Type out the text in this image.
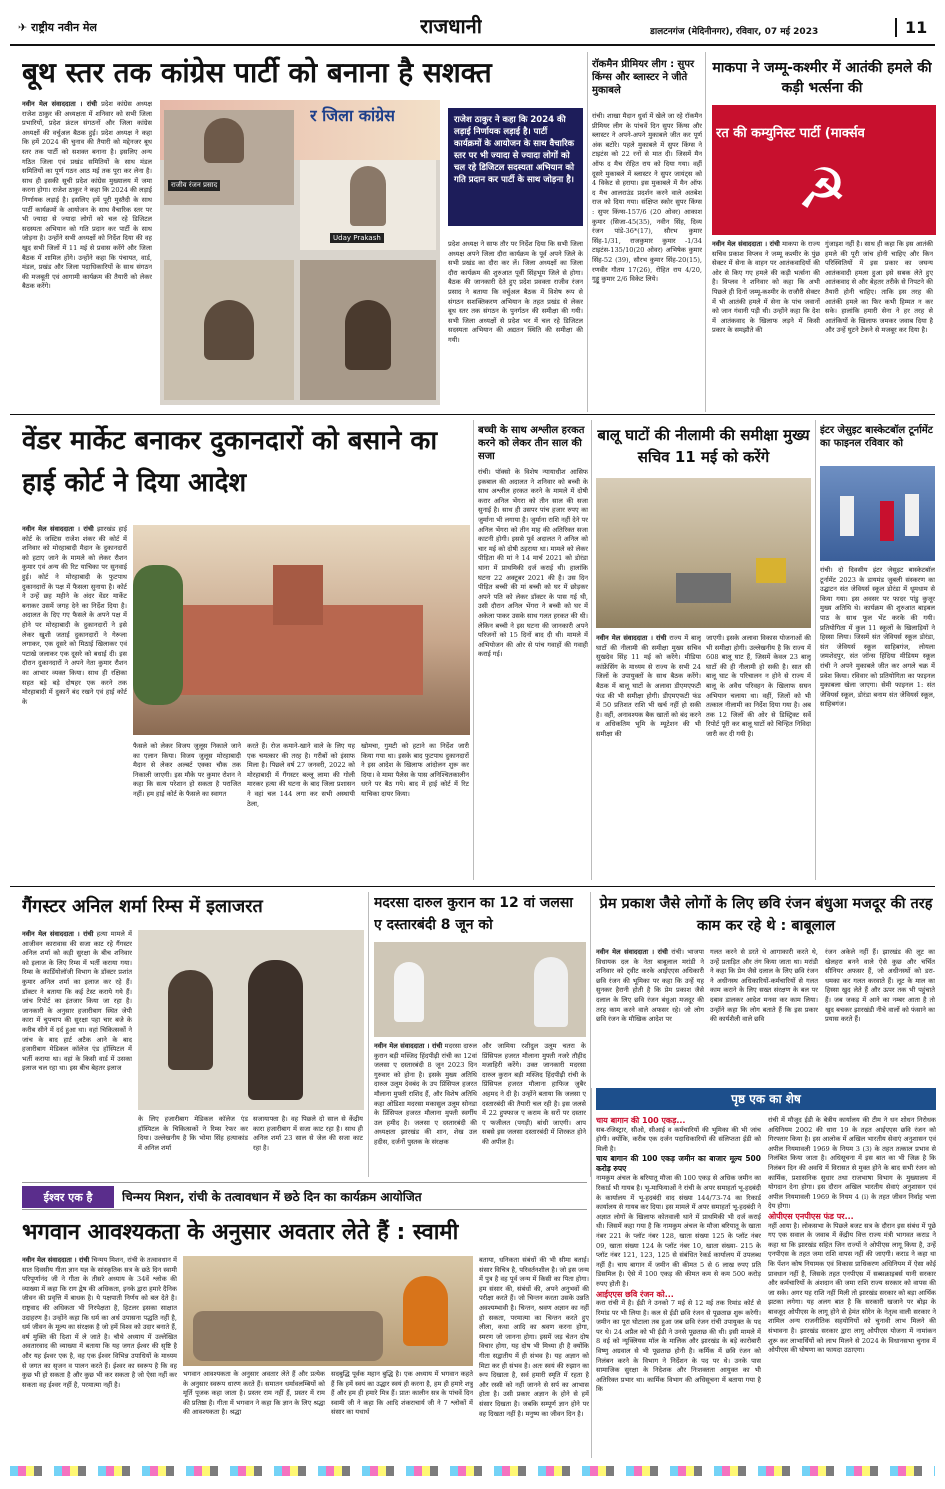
✈ राष्ट्रीय नवीन मेल	राजधानी	डालटनगंज (मेदिनीनगर), रविवार, 07 मई 2023	11
बूथ स्तर तक कांग्रेस पार्टी को बनाना है सशक्त
नवीन मेल संवाददाता । रांची प्रदेश कांग्रेस अध्यक्ष राजेश ठाकुर की अध्यक्षता में शनिवार को सभी जिला प्रभारियों, प्रदेश फ्रंटल संगठनों और जिला कांग्रेस अध्यक्षों की वर्चुअल बैठक हुई। प्रदेश अध्यक्ष ने कहा कि हमें 2024 की चुनाव की तैयारी को मद्देनजर बूथ स्तर तक पार्टी को सशक्त बनाना है। इसलिए अन्य गठित जिला एवं प्रखंड समितियों के साथ मंडल समितियों का पूर्ण गठन आठ मई तक पूरा कर लेना है। साथ ही इसकी सूची प्रदेश कांग्रेस मुख्यालय में जमा करना होगा। राजेश ठाकुर ने कहा कि 2024 की लड़ाई निर्णायक लड़ाई है। इसलिए हमें पूरी मुस्तैदी के साथ पार्टी कार्यक्रमों के आयोजन के साथ वैचारिक स्तर पर भी ज्यादा से ज्यादा लोगों को चल रहे डिजिटल सदस्यता अभियान को गति प्रदान कर पार्टी के साथ जोड़ना है। उन्होंने सभी अध्यक्षों को निर्देश दिया की वह खुद सभी जिलों में 11 मई से प्रवास करेंगे और जिला बैठक में शामिल होंगे। उन्होंने कहा कि पंचायत, वार्ड, मंडल, प्रखंड और जिला पदाधिकारियों के साथ संगठन की मजबूती एवं आगामी कार्यक्रम की तैयारी को लेकर बैठक करेंगे।
र जिला कांग्रेस
राजीव रंजन प्रसाद
Uday Prakash
राजेश ठाकुर ने कहा कि 2024 की लड़ाई निर्णायक लड़ाई है। पार्टी कार्यक्रमों के आयोजन के साथ वैचारिक स्तर पर भी ज्यादा से ज्यादा लोगों को चल रहे डिजिटल सदस्यता अभियान को गति प्रदान कर पार्टी के साथ जोड़ना है।
प्रदेश अध्यक्ष ने साफ तौर पर निर्देश दिया कि सभी जिला अध्यक्ष अपने जिला दौरा कार्यक्रम के पूर्व अपने जिले के सभी प्रखंड का दौरा कर लें। जिला अध्यक्षों का जिला दौरा कार्यक्रम की शुरुआत पूर्वी सिंहभूम जिले से होगा। बैठक की जानकारी देते हुए प्रदेश प्रवक्ता राजीव रंजन प्रसाद ने बताया कि वर्चुअल बैठक में विशेष रूप से संगठन सशक्तिकरण अभियान के तहत प्रखंड से लेकर बूथ स्तर तक संगठन के पुनर्गठन की समीक्षा की गयी। सभी जिला अध्यक्षों से प्रदेश भर में चल रहे डिजिटल सदस्यता अभियान की अद्यतन स्थिति की समीक्षा की गयी।
रॉकमैन प्रीमियर लीग : सुपर किंग्स और ब्लास्टर ने जीते मुकाबले
रांची। शाखा मैदान धुर्वा में खेले जा रहे रॉकमैन प्रीमियर लीग के पांचवें दिन सुपर किंग्स और ब्लास्टर ने अपने-अपने मुकाबले जीत कर पूर्ण अंक बटोरे। पहले मुकाबले में सुपर किंग्स ने टाइटंस को 22 रनों से मात दी। जिसमें मैन ऑफ द मैच रोहित राय को दिया गया। वहीं दूसरे मुकाबले में ब्लास्टर ने सुपर जायंट्स को 4 विकेट से हराया। इस मुकाबले में मैन ऑफ द मैच आलराउंड प्रदर्शन करने वाले अतबेश राज को दिया गया। संक्षिप्त स्कोर सुपर किंग्स : सुपर किंग्स-157/6 (20 ओवर) आकाश कुमार (सिजा-45(35), नवीन सिंह, दिव्य रंजन पांडे-36*(17), सौरभ कुमार सिंह-1/31, राजकुमार कुमार -1/34 टाइटंस-135/10(20 ओवर) अभिषेक कुमार सिंह-52 (39), सौरभ कुमार सिंह-20(15), रणवीर गौतम 17(26), रोहित राय 4/20, गुड्डू कुमार 2/6 विकेट लिये।
माकपा ने जम्मू-कश्मीर में आतंकी हमले की कड़ी भर्त्सना की
रत की कम्युनिस्ट पार्टी (मार्क्सव
☭
नवीन मेल संवाददाता । रांची माकपा के राज्य सचिव प्रकाश विप्लव ने जम्मू कश्मीर के पुंछ सेक्टर में सेना के वाहन पर आतंकवादियों की ओर से किए गए हमले की कड़ी भर्त्सना की है। विप्लव ने शनिवार को कहा कि अभी पिछले ही दिनों जम्मू-कश्मीर के राजौरी सेक्टर में भी आतंकी हमले में सेना के पांच जवानों को जान गंवानी पड़ी थी। उन्होंने कहा कि देश में आतंकवाद के खिलाफ लड़ने में किसी प्रकार के समझौते की
गुंजाइश नहीं है। साथ ही कहा कि इस आतंकी हमले की पूरी जांच होनी चाहिए और किन परिस्थितियों में इस प्रकार का जघन्य आतंकवादी हमला हुआ इसे सबक लेते हुए आतंकवाद से और बेहतर तरीके से निपटने की तैयारी होनी चाहिए। ताकि इस तरह की आतंकी हमले का फिर कभी हिम्मत न कर सके। हालांकि हमारी सेना ने हर तरह से आतंकियों के खिलाफ जमकर जवाब दिया है और उन्हें घुटने टेकने से मजबूर कर दिया है।
वेंडर मार्केट बनाकर दुकानदारों को बसाने का हाई कोर्ट ने दिया आदेश
नवीन मेल संवाददाता । रांची झारखंड हाई कोर्ट के जस्टिस राजेश शंकर की कोर्ट में शनिवार को मोरहाबादी मैदान के दुकानदारों को हटाए जाने के मामले को लेकर रौशन कुमार एवं अन्य की रिट याचिका पर सुनवाई हुई। कोर्ट ने मोरहाबादी के फुटपाथ दुकानदारों के पक्ष में फैसला सुनाया है। कोर्ट ने उन्हें छह महीने के अंदर वेंडर मार्केट बनाकर उसमें जगह देने का निर्देश दिया है। अदालत के दिए गए फैसले के अपने पक्ष में होने पर मोरहाबादी के दुकानदारों ने इसे लेकर खुशी जताई दुकानदारों ने गेरूला लगाकर, एक दूसरे को मिठाई खिलाकर एवं पटाखे जलाकर एक दूसरे को बधाई दी। इस दौरान दुकानदारों ने अपने नेता कुमार रौशन का आभार व्यक्त किया। साथ ही रक्षिका सहत बड़े बड़े दोषहर एक करने तक मोरहाबादी में दुकानें बंद रखने एवं हाई कोर्ट के
फैसले को लेकर विजय जुलूस निकाले जाने का एलान किया। विजय जुलूस मोरहाबादी मैदान से लेकर अल्बर्ट एक्का चौक तक निकाली जाएगी। इस मौके पर कुमार रोशन ने कहा कि सत्य परेशान हो सकता है पराजित नहीं। हम हाई कोर्ट के फैसले का स्वागत
करते हैं। रोज कमाने-खाने वाले के लिए यह एक चमत्कार की तरह है। गरीबों को इंसाफ मिला है। पिछले वर्ष 27 जनवरी, 2022 को मोरहाबादी में गैंगस्टर बल्लू लामा की गोली मारकर हत्या की घटना के बाद जिला प्रशासन ने वहां चल 144 लगा कर सभी अस्थायी ठेला,
खोमचा, गुमटी को हटाने का निर्देश जारी किया गया था। इसके बाद फुटपाथ दुकानदारों ने इस आदेश के खिलाफ आंदोलन शुरू कर दिया। वे मामा पैलेस के पास अनिश्चितकालीन धरने पर बैठ गये। बाद में हाई कोर्ट में रिट याचिका दायर किया।
बच्ची के साथ अश्लील हरकत करने को लेकर तीन साल की सजा
रांची। पॉक्सो के विशेष न्यायाधीश आसिफ इकबाल की अदालत ने शनिवार को बच्ची के साथ अश्लील हरकत करने के मामले में दोषी करार अनिल भेंगरा को तीन साल की सजा सुनाई है। साथ ही उसपर पांच हजार रुपए का जुर्माना भी लगाया है। जुर्माना राशि नहीं देने पर अनिल भेंगरा को तीन माह की अतिरिक्त सजा काटनी होगी। इससे पूर्व अदालत ने अनिल को चार मई को दोषी ठहराया था। मामले को लेकर पीड़िता की मां ने 14 मार्च 2021 को डोरंडा थाना में प्राथमिकी दर्ज कराई थी। हालांकि घटना 22 अक्टूबर 2021 की है। उस दिन पीड़ित बच्ची की मां बच्ची को घर में छोड़कर अपने पति को लेकर डॉक्टर के पास गई थी, उसी दौरान अनिल भेंगरा ने बच्ची को घर में अकेला पाकर उसके साथ गलत हरकत की थी। लेकिन बच्ची ने इस घटना की जानकारी अपने परिजनों को 15 दिनों बाद दी थी। मामले में अभियोजन की ओर से पांच गवाहों की गवाही कराई गई।
बालू घाटों की नीलामी की समीक्षा मुख्य सचिव 11 मई को करेंगे
नवीन मेल संवाददाता । रांची राज्य में बालू घाटों की नीलामी की समीक्षा मुख्य सचिव सुखदेव सिंह 11 मई को करेंगे। मीडिया कांफ्रेंसिंग के माध्यम से राज्य के सभी 24 जिलों के उपायुक्तों के साथ बैठक करेंगे। बैठक में बालू घाटों के अलावा डीएमएफटी फंड की भी समीक्षा होगी। डीएमएफटी फंड में 50 प्रतिशत राशि भी खर्च नहीं हो सकी है। वहीं, अनावश्यक बैक खातों को बंद करने व अधिकतिम भूमि के म्यूटेशन की भी समीक्षा की
जाएगी। इसके अलावा विकास योजनाओं की भी समीक्षा होगी। उल्लेखनीय है कि राज्य में 608 बालू घाट हैं, जिसमें केवल 23 बालू घाटों की ही नीलामी हो सकी है। सात सी बालू घाट के परिचालन न होने से राज्य में बालू के अवैध परिवहन के खिलाफ सघन अभियान चलाया था। वहीं, जिलों को भी तत्काल नीलामी का निर्देश दिया गया है। अब तक 12 जिलों की ओर से डिस्ट्रिक्ट सर्वे रिपोर्ट पूरी कर बालू घाटों को चिन्हित निविदा जारी कर दी गयी है।
इंटर जेसुइट बास्केटबॉल टूर्नामेंट का फाइनल रविवार को
रांची। दो दिवसीय इंटर जेसुइट बास्केटबॉल टूर्नामेंट 2023 के डायमंड जुबली संस्करण का उद्घाटन संत जेवियर्स स्कूल डोरंडा में धूमधाम से किया गया। इस अवसर पर फादर पांडु कुजूर मुख्य अतिथि थे। कार्यक्रम की शुरुआत बाइबल पाठ के साथ फूल भेंट करके की गयी। प्रतियोगिता में कुल 11 स्कूलों के खिलाड़ियों ने हिस्सा लिया। जिसमें संत जेवियर्स स्कूल डोरंडा, संत जेवियर्स स्कूल साहिबगंज, लोयला जमशेदपुर, संत जॉन्स हिंदिया मीडियम स्कूल रांची ने अपने मुकाबले जीत कर अगले चक्र में प्रवेश किया। रविवार को प्रतियोगिता का फाइनल मुकाबला खेला जाएगा। सेमी फाइनल 1: संत जेवियर्स स्कूल, डोरंडा बनाम संत जेवियर्स स्कूल, साहिबगंज।
गैंगस्टर अनिल शर्मा रिम्स में इलाजरत
नवीन मेल संवाददाता । रांची हत्या मामले में आजीवन कारावास की सजा काट रहे गैंगस्टर अनिल शर्मा को कड़ी सुरक्षा के बीच शनिवार को इलाज के लिए रिम्स में भर्ती कराया गया। रिम्स के कार्डियोलॉजी विभाग के डॉक्टर प्रशांत कुमार अनिल शर्मा का इलाज कर रहे हैं। डॉक्टर ने बताया कि कई टेस्ट कराये गये हैं। जांच रिपोर्ट का इंतजार किया जा रहा है। जानकारी के अनुसार हजारीबाग स्थित जेपी कारा में चुपचाप की सुरक्षा पहा चार बजे के करीब सीने में दर्द हुआ था। वहां चिकित्सकों ने जांच के बाद हार्ट अटैक आने के बाद हजारीबाग मेडिकल कॉलेज एंड हॉस्पिटल में भर्ती कराया था। वहां के किसी वार्ड में उसका इलाज चल रहा था। इस बीच बेहतर इलाज
के लिए हजारीबाग मेडिकल कॉलेज एंड हॉस्पिटल के चिकित्सकों ने रिम्स रेफर कर दिया। उल्लेखनीय है कि भोमा सिंह हत्याकांड में अनिल शर्मा
सजायाफ्ता है। वह पिछले दो साल से केंद्रीय कारा हजारीबाग में सजा काट रहा है। साथ ही अनिल शर्मा 23 साल से जेल की सजा काट रहा है।
मदरसा दारुल कुरान का 12 वां जलसा ए दस्तारबंदी 8 जून को
नवीन मेल संवाददाता । रांची मदरसा दारुल कुरान बड़ी मस्जिद हिंदपीढ़ी रांची का 12वां जलसा ए दस्तारबंदी 8 जून 2023 दिन गुरुवार को होना है। इसके मुख्य अतिथि दारुल उलूम देवबंद के उप प्रिंसिपल हजरत मौलाना मुफ्ती राशिद हैं, और विशेष अतिथि कहा ओडिशा मदरसा मकासुल उलूम सोनडा के प्रिंसिपल हजरत मौलाना मुफ्ती स्वर्गीय उल हमीद है। जलसा ए दस्तारबंदी की अध्यक्षता झारखंड की शान, शेख उल हदीस, दर्जनों पुस्तक के संरक्षक
और जामिया रशीदुल उलूम चतरा के प्रिंसिपल हजरत मौलाना मुफ्ती नजरे तौहीद मजाहिरी करेंगे। उक्त जानकारी मदरसा दारुल कुरान बड़ी मस्जिद हिंदपीढ़ी रांची के प्रिंसिपल हजरत मौलाना हाफिज जुबैर अहमद ने दी है। उन्होंने बताया कि जलसा ए दस्तारबंदी की तैयारी चल रही है। इस जलसे में 22 हुफ्फाज ए कराम के सरों पर दस्तार ए फजीलत (पगड़ी) बांधी जाएगी। आप सबसे इस जलसा दस्तारबंदी में शिरकत होने की अपील है।
प्रेम प्रकाश जैसे लोगों के लिए छवि रंजन बंधुआ मजदूर की तरह काम कर रहे थे : बाबूलाल
नवीन मेल संवाददाता । रांची रांची। भाजपा विधायक दल के नेता बाबूलाल मरांडी ने शनिवार को ट्वीट करके आईएएस अधिकारी छवि रंजन की भूमिका पर कहा कि उन्हें यह सुनकर हैरानी होती है कि प्रेम प्रकाश जैसे दलाल के लिए छवि रंजन बंधुआ मजदूर की तरह काम करने वाले अफसर रहे। जो लोग छवि रंजन के मौखिक आदेश पर
गलत करने से डरते थे आगाकारी करते थे, उन्हें प्रताड़ित और तंग किया जाता था। मरांडी ने कहा कि प्रेम जैसे दलाल के लिए छवि रंजन ने अधीनस्थ अधिकारियों-कर्मचारियों से गलत काम कराने के लिए सख्त संरक्षण के बल पर दबाव डालकर आदेश मनवा कर काम लिया। उन्होंने कहा कि लोग बताते हैं कि इस प्रकार की कार्यशैली वाले छवि
रंजन अकेले नहीं हैं। झारखंड की लूट का खेलहरा बनने वाले ऐसे कुछ और चर्चित सीनियर अफसर हैं, जो अधीनस्थों को डरा-धमका कर गलत करवाते हैं। लूट के माल का हिस्सा खुद लेते हैं और ऊपर तक भी पहुंचाते हैं। जब जकड़ में आने का नम्बर आता है तो खुद बचकर झारखंडी नीचे वालों को फंसाने का प्रयास करते हैं।
पृष्ठ एक का शेष
चाय बागान की 100 एकड़...
सब-रजिस्ट्रार, सीओ, सीआई व कर्मचारियों की भूमिका की भी जांच होगी। क्योंकि, करीब एक दर्जन पदाधिकारियों की संलिप्तता ईडी को मिली है।
चाय बागान की 100 एकड़ जमीन का बाजार मूल्य 500 करोड़ रुपए
नामकुम अंचल के बरियातू मौजा की 100 एकड़ से अधिक जमीन का रिकार्ड भी गायब है। भू-माफियाओं ने रांची के अपर समाहर्ता भू-हदबंदी के कार्यालय में भू-हदबंदी वाद संख्या 144/73-74 का रिकार्ड कार्यालय से गायब कर दिया। इस मामले में अपर समाहर्ता भू-हदबंदी ने अज्ञात लोगों के खिलाफ कोतवाली थाने में प्राथमिकी भी दर्ज कराई थी। जिसमें कहा गया है कि नामकुम अंचल के मौजा बरियातू के खाता नंबर 221 के प्लॉट नंबर 128, खाता संख्या 125 के प्लॉट नंबर 09, खाता संख्या 124 के प्लॉट नंबर 10, खाता संख्या- 215 के प्लॉट नंबर 121, 123, 125 से संबंधित रेकर्ड कार्यालय में उपलब्ध नहीं है। चाय बागान में जमीन की कीमत 5 से 6 लाख रुपए प्रति डिसमिल है। ऐसे में 100 एकड़ की कीमत कम से कम 500 करोड़ रुपए होती है।
आईएएस छवि रंजन को...
करा रांची में है। ईडी ने उनको 7 मई से 12 मई तक रिमांड कोर्ट से रिमांड पर भी लिया है। कल से ईडी छवि रंजन से पूछताछ शुरू करेगी। जमीन का पूरा घोटाला तब हुआ जब छवि रंजन रांची उपायुक्त के पद पर थे। 24 अप्रैल को भी ईडी ने उनसे पूछताछ की थी। इसी मामले में 8 वई को न्यूक्लियस मॉल के मालिक और झारखंड के बड़े कारोबारी विष्णु अग्रवाल से भी पूछताछ होनी है। कर्मिक में छवि रंजन को निलंबन करने के विभाग ने निर्देशन के पद पर थे। उनके पास सामाजिक सुरक्षा के निदेशक और निःशक्तता आयुक्त का भी अतिरिक्त प्रभार था। कार्मिक विभाग की अधिसूचना में बताया गया है कि
रांची में मौजूद ईडी के बेत्रीय कार्यालय की टीम ने धन शोधन निरोधक अधिनियम 2002 की धारा 19 के तहत आईएएस छवि रंजन को गिरफ्तार किया है। इस आलोक में अखिल भारतीय सेवाएं अनुशासन एवं अपील नियमावली 1969 के नियम 3 (3) के तहत तत्काल प्रभाव से निलंबित किया जाता है। अधिसूचना में इस बात का भी जिक्र है कि निलंबन दिन की अवधि में विरासत से मुक्त होने के बाद सभी रंजन को कार्मिक, प्रशासनिक सुधार तथा राजभाषा विभाग के मुख्यालय में योगदान देना होगा। इस दौरान अखिल भारतीय सेवाएं अनुशासन एवं अपील नियमावली 1969 के नियम 4 (i) के तहत जीवन निर्वाह भत्ता देय होगा।
ओपीएस एनपीएस फंड पर...
नहीं आया है। लोकसभा के पिछले बजट सत्र के दौरान इस संबंध में पूछे गए एक सवाल के जवाब में केंद्रीय वित्त राज्य मंत्री भागवत कराड ने कहा था कि झारखंड सहित जिन राज्यों ने ओपीएस लागू किया है, उन्हें एनपीएस के तहत जमा राशि वापस नहीं की जाएगी। कराड ने कहा था कि पेंशन कोष नियामक एवं विकास प्राधिकरण अधिनियम में ऐसा कोई प्रावधान नहीं है, जिसके तहत एनपीएस में सब्सक्राइबर्स यानी सरकार और कर्मचारियों के अंशदान की जमा राशि राज्य सरकार को वापस की जा सके। अगर यह राशि नहीं मिली तो झारखंड सरकार को बड़ा आर्थिक झटका लगेगा। यह अलग बात है कि सरकारी खजाने पर बोझ के बावजूद ओपीएस के लागू होने से हेमंत सोरेन के नेतृत्व वाली सरकार ने शामिल अन्य राजनीतिक सहयोगियों को चुनावी लाभ मिलने की संभावना है। झारखंड सरकार द्वारा लागू ओपीएस योजना में नामांकन शुरू कर लाभार्थियों को लाभ मिलने से 2024 के विधानसभा चुनाव में ओपीएस की घोषणा का फायदा उठाएगा।
ईश्वर एक है	चिन्मय मिशन, रांची के तत्वावधान में छठे दिन का कार्यक्रम आयोजित
भगवान आवश्यकता के अनुसार अवतार लेते हैं : स्वामी
नवीन मेल संवाददाता । रांची चिन्मय मिशन, रांची के तत्वावधान में सात दिवसीय गीता ज्ञान यज्ञ के सांस्कृतिक सत्र के छठे दिन स्वामी परिपूर्णानंद जी ने गीता के तीसरे अध्याय के 34वें श्लोक की व्याख्या में कहा कि राग द्वेष की अधिकता, इनके द्वारा हमारे दैनिक जीवन की प्रवृत्ति में बाधक है। ये पक्षपाती निर्णय को बल देते है। राष्ट्रवाद की अधिकता भी निरपेक्षता है, हिटलर इसका साक्षात उदाहरण है। उन्होंने कहा कि धर्म का अर्थ उपासना पद्धति नहीं है, धर्म जीवन के मूल्य का संरक्षक है जो हमें विश्व को उदार बनाते हैं, वर्ष मुक्ति की दिशा में ले जाते है। चौथे अध्याय में उल्लेखित अवतारवाद की व्याख्या में बताया कि यह जगत ईश्वर की सृष्टि है और यह ईश्वर एक है, वह एक ईश्वर विभिन्न उपाधियों के माध्यम से जगत का सृजन व पालन करते हैं। ईश्वर का स्वरूप है कि वह कुछ भी हो सकता है और कुछ भी कर सकता है जो ऐसा नहीं कर सकता वह ईश्वर नहीं है, परमात्मा नहीं है।
भगवान आवश्यकता के अनुसार अवतार लेते हैं और प्रत्येक के अनुसार स्वरूप धारण करते हैं। समातन धर्मावलम्बियों को मूर्ति पूजक कहा जाता है। प्रस्तर राम नहीं हैं, प्रस्तर में राम की प्रतिष्ठा है। गीता में भगवान ने कहा कि ज्ञान के लिए श्रद्धा की आवश्यकता है। श्रद्धा
सदबुद्धि पूर्वक महान बुद्धि है। एक अध्याय में भगवान कहते हैं कि हमें स्वयं का उद्धार स्वयं ही करना है, हम ही हमारे शत्रु हैं और हम ही हमारे मित्र हैं। प्रातः कालीन सत्र के पांचवें दिन स्वामी जी ने कहा कि आदि शंकराचार्य जी ने 7 श्लोकों में संसार का यथार्थ
बताया, धनिकता संबंधों की भी सीमा बताई। संसार विचित्र है, परिवर्तनशील है। जो इस जन्म में पुत्र है वह पूर्व जन्म में किसी का पिता होगा। हम संसार की, संबंधों की, अपने अनुभवों की परीक्षा करते हैं। जो चिन्तन करता उसके उन्नति अवश्यम्भावी है। चिन्तन, श्रवण अज्ञान का नहीं हो सकता, परमात्मा का चिन्तन करते हुए लीला, कथा आदि का श्रवण करना होगा, स्मरण जो जानना होगा। इसमें जड़ चेतन दोष विचार होगा, यह दोष भी मिथ्या ही है क्योंकि गीता सद्वातीय में ही संभव है। यह अज्ञान को मिटा कर ही संभव है। अतः स्वयं की रुझान का रूप दिखाता है, सर्व हमारी स्मृति में रहता है और रस्सी को नहीं जानने से सर्प का आभास होता है। उसी प्रकार अज्ञान के होने से हमें संसार दिखता है। जबकि सम्पूर्ण ज्ञान होने पर वह दिखता नहीं है। मनुष्य का जीवन दिन है।
